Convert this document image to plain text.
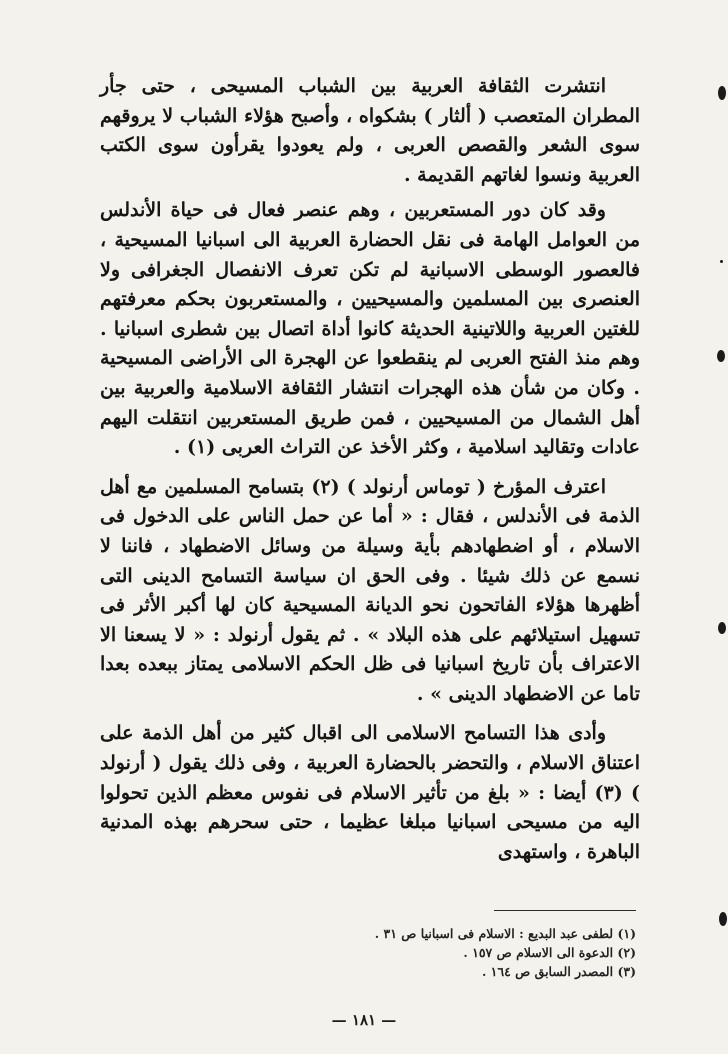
انتشرت الثقافة العربية بين الشباب المسيحى ، حتى جأر المطران المتعصب ( ألثار ) بشكواه ، وأصبح هؤلاء الشباب لا يروقهم سوى الشعر والقصص العربى ، ولم يعودوا يقرأون سوى الكتب العربية ونسوا لغاتهم القديمة .

وقد كان دور المستعربين ، وهم عنصر فعال فى حياة الأندلس من العوامل الهامة فى نقل الحضارة العربية الى اسبانيا المسيحية ، فالعصور الوسطى الاسبانية لم تكن تعرف الانفصال الجغرافى ولا العنصرى بين المسلمين والمسيحيين ، والمستعربون بحكم معرفتهم للغتين العربية واللاتينية الحديثة كانوا أداة اتصال بين شطرى اسبانيا . وهم منذ الفتح العربى لم ينقطعوا عن الهجرة الى الأراضى المسيحية . وكان من شأن هذه الهجرات انتشار الثقافة الاسلامية والعربية بين أهل الشمال من المسيحيين ، فمن طريق المستعربين انتقلت اليهم عادات وتقاليد اسلامية ، وكثر الأخذ عن التراث العربى (١) .

اعترف المؤرخ ( توماس أرنولد ) (٢) بتسامح المسلمين مع أهل الذمة فى الأندلس ، فقال : « أما عن حمل الناس على الدخول فى الاسلام ، أو اضطهادهم بأية وسيلة من وسائل الاضطهاد ، فاننا لا نسمع عن ذلك شيئا . وفى الحق ان سياسة التسامح الدينى التى أظهرها هؤلاء الفاتحون نحو الديانة المسيحية كان لها أكبر الأثر فى تسهيل استيلائهم على هذه البلاد » . ثم يقول أرنولد : « لا يسعنا الا الاعتراف بأن تاريخ اسبانيا فى ظل الحكم الاسلامى يمتاز ببعده بعدا تاما عن الاضطهاد الدينى » .

وأدى هذا التسامح الاسلامى الى اقبال كثير من أهل الذمة على اعتناق الاسلام ، والتحضر بالحضارة العربية ، وفى ذلك يقول ( أرنولد ) (٣) أيضا : « بلغ من تأثير الاسلام فى نفوس معظم الذين تحولوا اليه من مسيحى اسبانيا مبلغا عظيما ، حتى سحرهم بهذه المدنية الباهرة ، واستهدى

(١) لطفى عبد البديع : الاسلام فى اسبانيا ص ٣١ .
(٢) الدعوة الى الاسلام ص ١٥٧ .
(٣) المصدر السابق ص ١٦٤ .
— ١٨١ —
